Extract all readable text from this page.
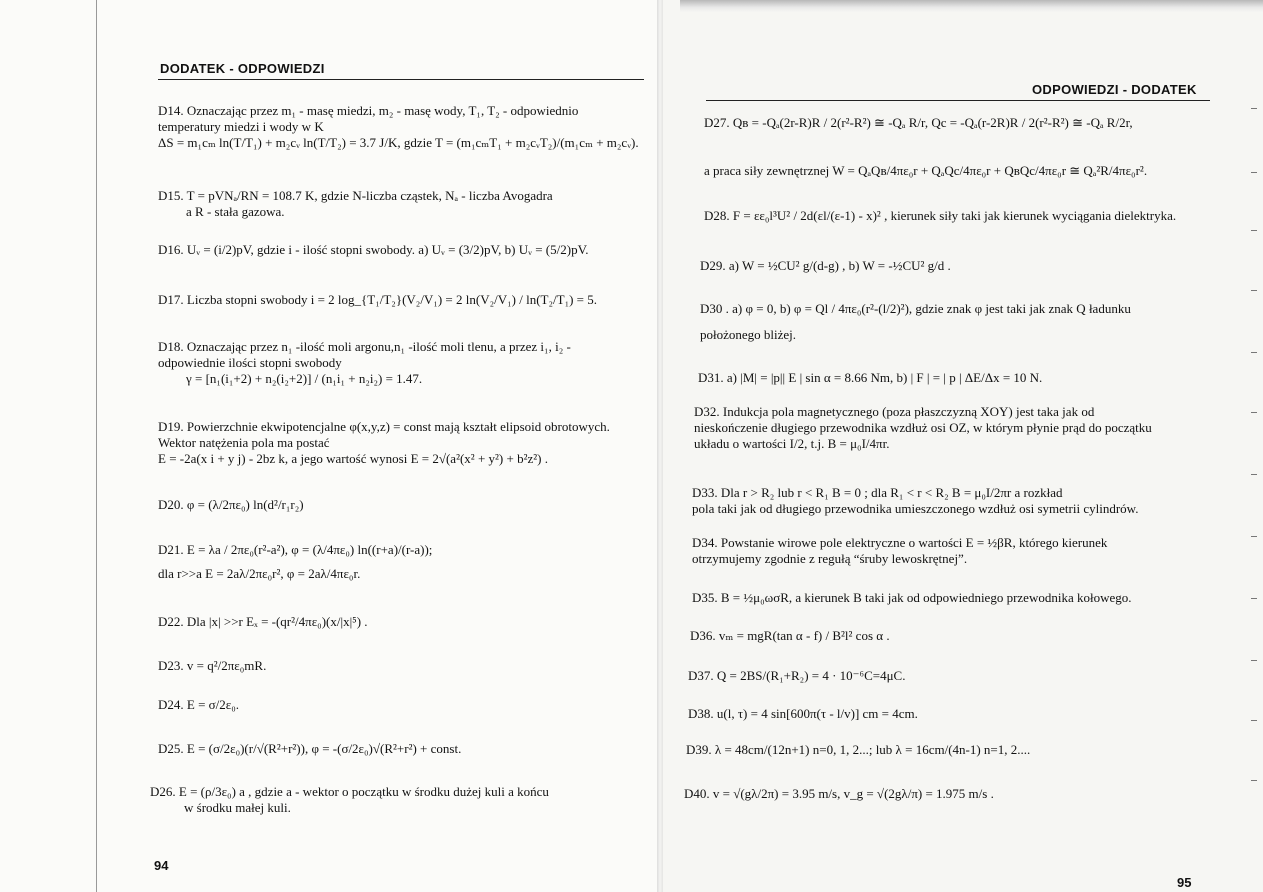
DODATEK - ODPOWIEDZI
ODPOWIEDZI - DODATEK
94
95
D14. Oznaczając przez m₁ - masę miedzi, m₂ - masę wody, T₁, T₂ - odpowiednio
temperatury miedzi i wody w K
ΔS = m₁cₘ ln(T/T₁) + m₂cᵥ ln(T/T₂) = 3.7 J/K, gdzie T = (m₁cₘT₁ + m₂cᵥT₂)/(m₁cₘ + m₂cᵥ).
D15. T = pVNₐ/RN = 108.7 K, gdzie N-liczba cząstek, Nₐ - liczba Avogadra
a R - stała gazowa.
D16. Uᵥ = (i/2)pV, gdzie i - ilość stopni swobody. a) Uᵥ = (3/2)pV, b) Uᵥ = (5/2)pV.
D17. Liczba stopni swobody i = 2 log_{T₁/T₂}(V₂/V₁) = 2 ln(V₂/V₁) / ln(T₂/T₁) = 5.
D18. Oznaczając przez n₁ -ilość moli argonu,n₁ -ilość moli tlenu, a przez i₁, i₂ -
odpowiednie ilości stopni swobody
γ = [n₁(i₁+2) + n₂(i₂+2)] / (n₁i₁ + n₂i₂) = 1.47.
D19. Powierzchnie ekwipotencjalne φ(x,y,z) = const mają kształt elipsoid obrotowych.
Wektor natężenia pola ma postać
E = -2a(x i + y j) - 2bz k, a jego wartość wynosi E = 2√(a²(x² + y²) + b²z²) .
D20. φ = (λ/2πε₀) ln(d²/r₁r₂)
D21. E = λa / 2πε₀(r²-a²), φ = (λ/4πε₀) ln((r+a)/(r-a));
dla r>>a E = 2aλ/2πε₀r², φ = 2aλ/4πε₀r.
D22. Dla |x| >>r Eₓ = -(qr²/4πε₀)(x/|x|⁵) .
D23. v = q²/2πε₀mR.
D24. E = σ/2ε₀.
D25. E = (σ/2ε₀)(r/√(R²+r²)), φ = -(σ/2ε₀)√(R²+r²) + const.
D26. E = (ρ/3ε₀) a , gdzie a - wektor o początku w środku dużej kuli a końcu
w środku małej kuli.
D27. Qʙ = -Qₐ(2r-R)R / 2(r²-R²) ≅ -Qₐ R/r, Qc = -Qₐ(r-2R)R / 2(r²-R²) ≅ -Qₐ R/2r,
a praca siły zewnętrznej W = QₐQʙ/4πε₀r + QₐQc/4πε₀r + QʙQc/4πε₀r ≅ Qₐ²R/4πε₀r².
D28. F = εε₀l³U² / 2d(εl/(ε-1) - x)² , kierunek siły taki jak kierunek wyciągania dielektryka.
D29. a) W = ½CU² g/(d-g) , b) W = -½CU² g/d .
D30 . a) φ = 0, b) φ = Ql / 4πε₀(r²-(l/2)²), gdzie znak φ jest taki jak znak Q ładunku
położonego bliżej.
D31. a) |M| = |p|| E | sin α = 8.66 Nm, b) | F | = | p | ΔE/Δx = 10 N.
D32. Indukcja pola magnetycznego (poza płaszczyzną XOY) jest taka jak od
nieskończenie długiego przewodnika wzdłuż osi OZ, w którym płynie prąd do początku
układu o wartości I/2, t.j. B = μ₀I/4πr.
D33. Dla r > R₂ lub r < R₁ B = 0 ; dla R₁ < r < R₂ B = μ₀I/2πr a rozkład
pola taki jak od długiego przewodnika umieszczonego wzdłuż osi symetrii cylindrów.
D34. Powstanie wirowe pole elektryczne o wartości E = ½βR, którego kierunek
otrzymujemy zgodnie z regułą “śruby lewoskrętnej”.
D35. B = ½μ₀ωσR, a kierunek B taki jak od odpowiedniego przewodnika kołowego.
D36. vₘ = mgR(tan α - f) / B²l² cos α .
D37. Q = 2BS/(R₁+R₂) = 4 · 10⁻⁶C=4μC.
D38. u(l, τ) = 4 sin[600π(τ - l/v)] cm = 4cm.
D39. λ = 48cm/(12n+1) n=0, 1, 2...; lub λ = 16cm/(4n-1) n=1, 2....
D40. v = √(gλ/2π) = 3.95 m/s, v_g = √(2gλ/π) = 1.975 m/s .
